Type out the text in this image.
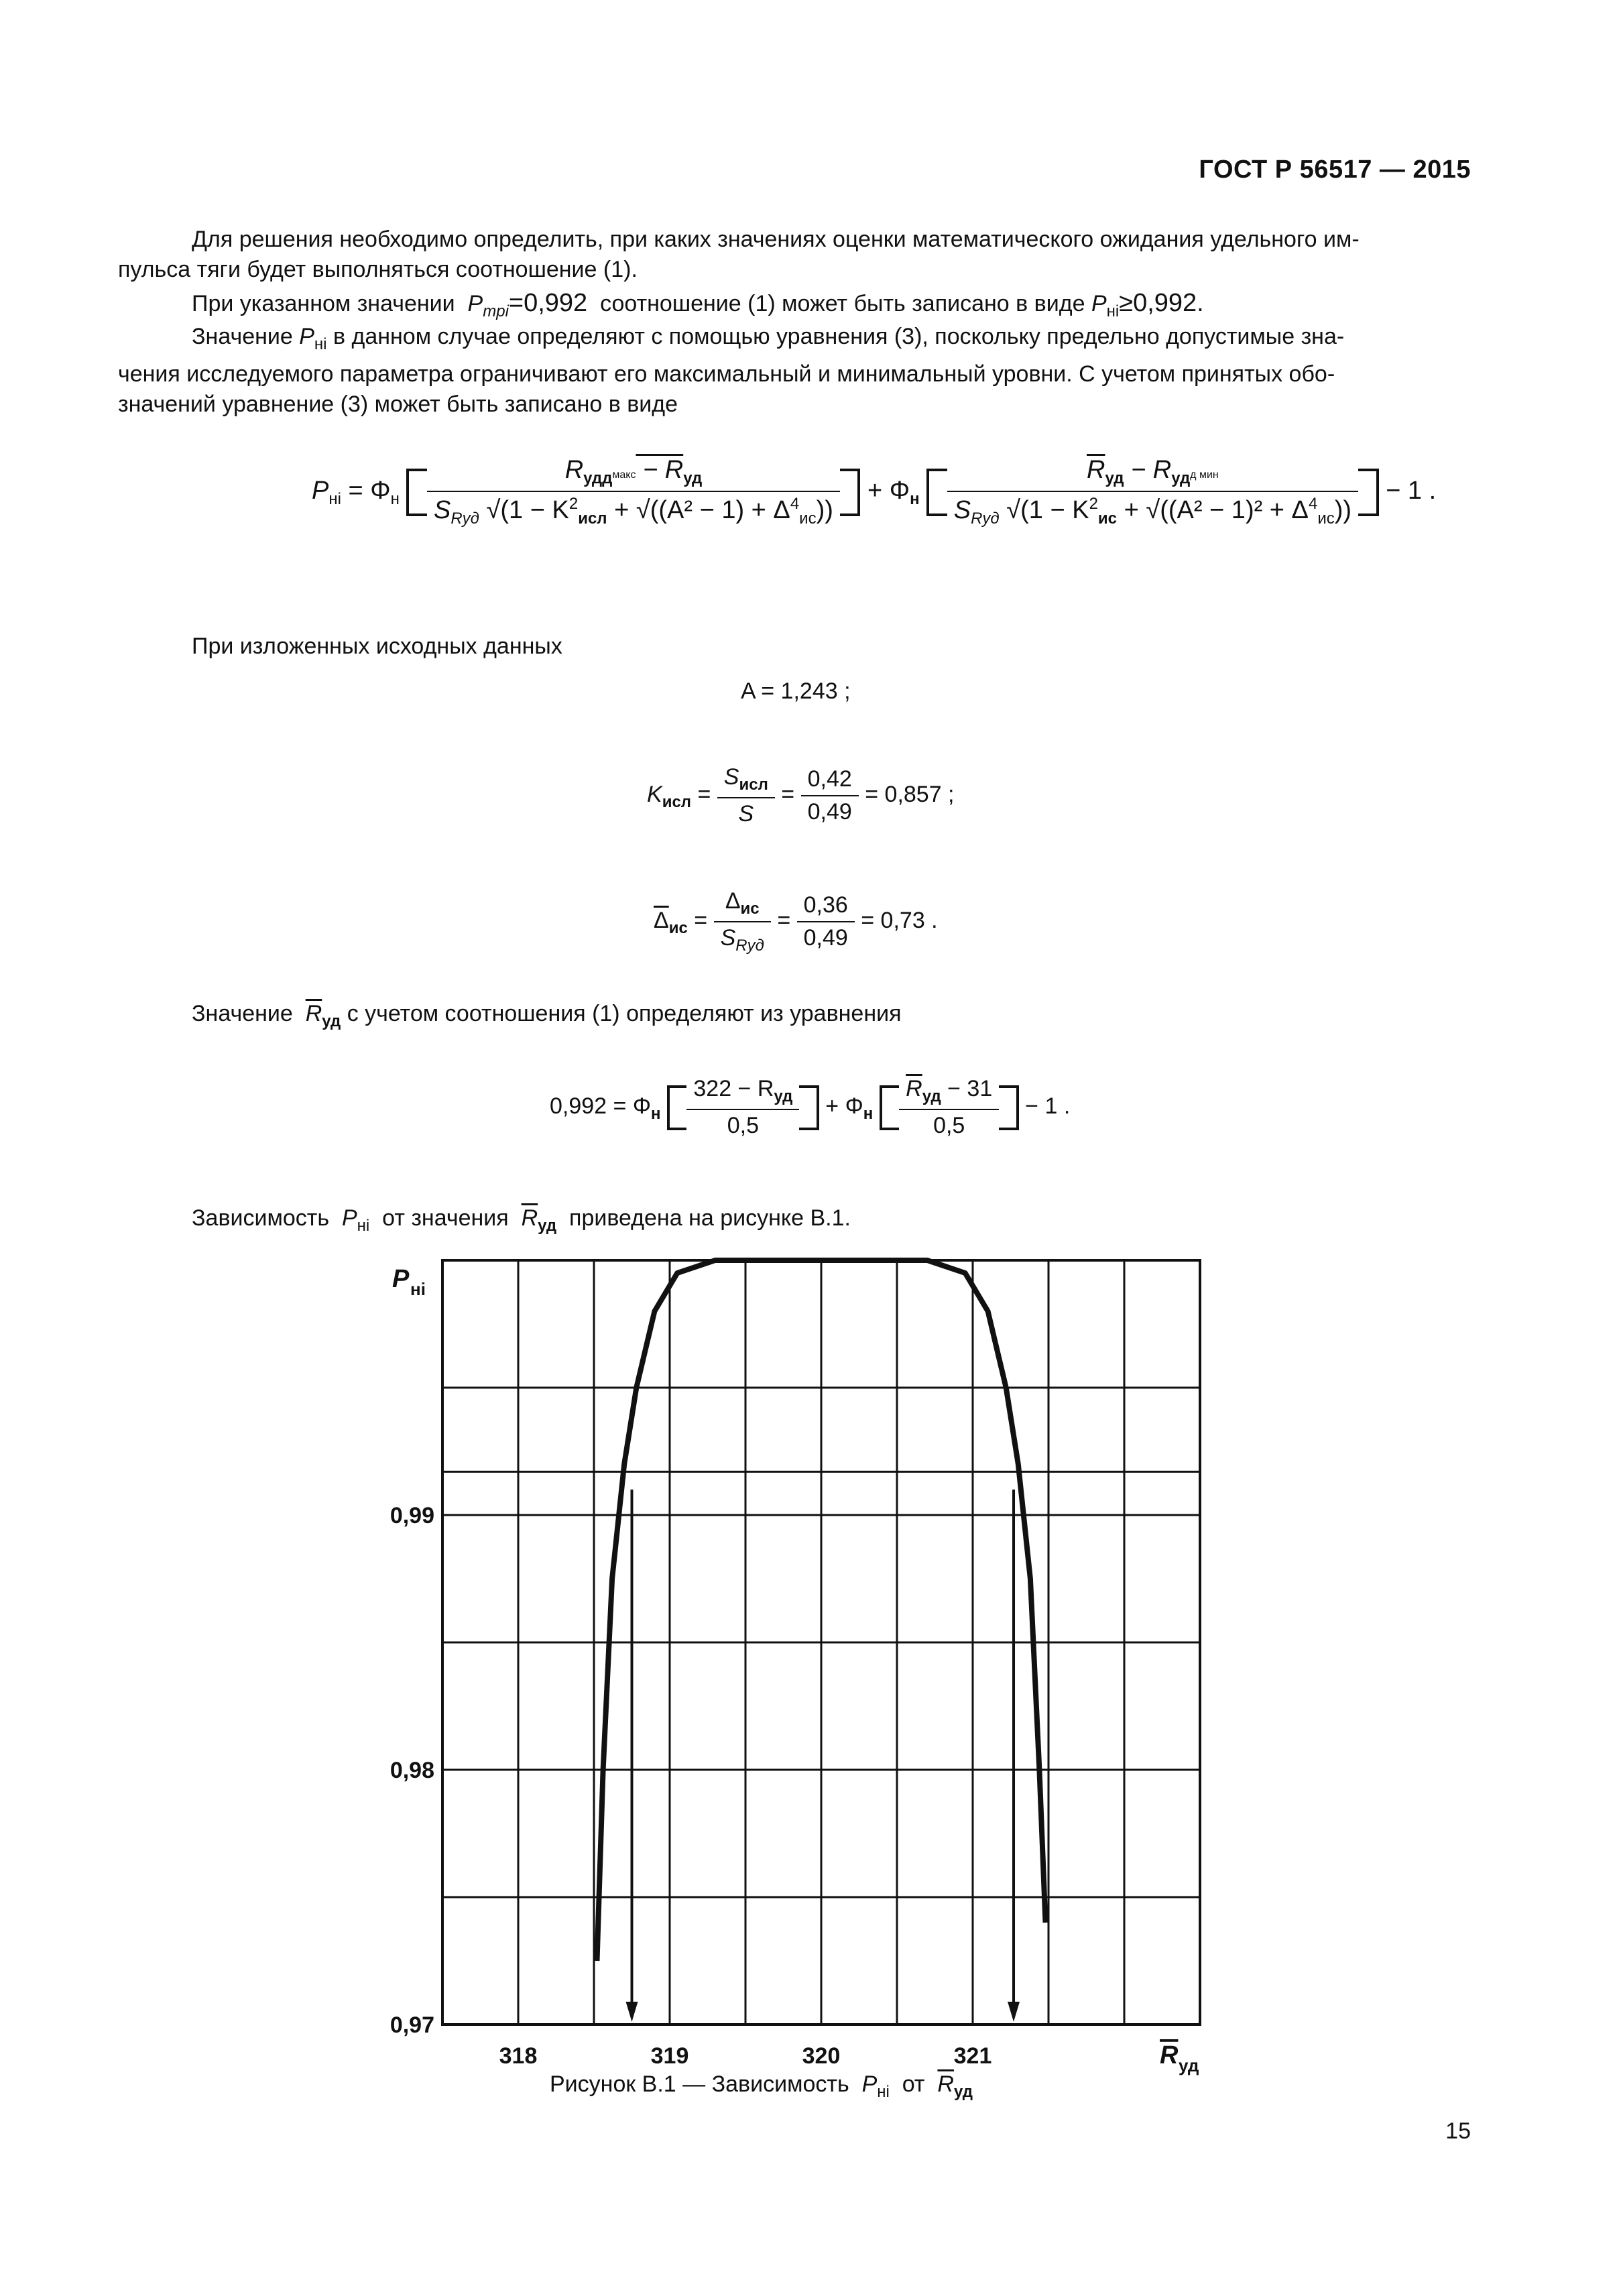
ГОСТ Р 56517 — 2015

Для решения необходимо определить, при каких значениях оценки математического ожидания удельного им-
пульса тяги будет выполняться соотношение (1).

При указанном значении $P_{mpi}=0,992$ соотношение (1) может быть записано в виде $P_{нi}\ge 0,992$.

Значение $P_{нi}$ в данном случае определяют с помощью уравнения (3), поскольку предельно допустимые зна-
чения исследуемого параметра ограничивают его максимальный и минимальный уровни. С учетом принятых обо-
значений уравнение (3) может быть записано в виде

$P_{нi} = \Phi_н \frac{R_{удд}макс - R_{уд}}{S_{Rуд} √(1 - K^2_{исл} + √((A^2 - 1) + \Delta^4_{ис}))} + \Phi_н \frac{\overline{R}_{уд} - R_{уд}д мин}{S_{Rуд} √(1 - K^2_{ис} + √((A^2 - 1)^2 + \Delta^4_{ис}))} - 1$ .

При изложенных исходных данных

A = 1,243 ;
$K_{исл} = \frac{S_{исл}}{S} = \frac{0,42}{0,49} = 0,857$ ;
$\overline{\Delta}_{ис} = \frac{\Delta_{ис}}{S_{Rуд}} = \frac{0,36}{0,49} = 0,73$ .

Значение $\overline{R}_{уд}$ с учетом соотношения (1) определяют из уравнения

$0,992 = \Phi_н \frac{322 - R_{уд}}{0,5} + \Phi_н \frac{\overline{R}_{уд} - 31}{0,5} - 1$ .

Зависимость $P_{нi}$ от значения $\overline{R}_{уд}$ приведена на рисунке В.1.

318	319	320	321
0,97
0,98
0,99
P нi
R уд
Рисунок В.1 — Зависимость $P_{нi}$ от $\overline{R}_{уд}$
15
